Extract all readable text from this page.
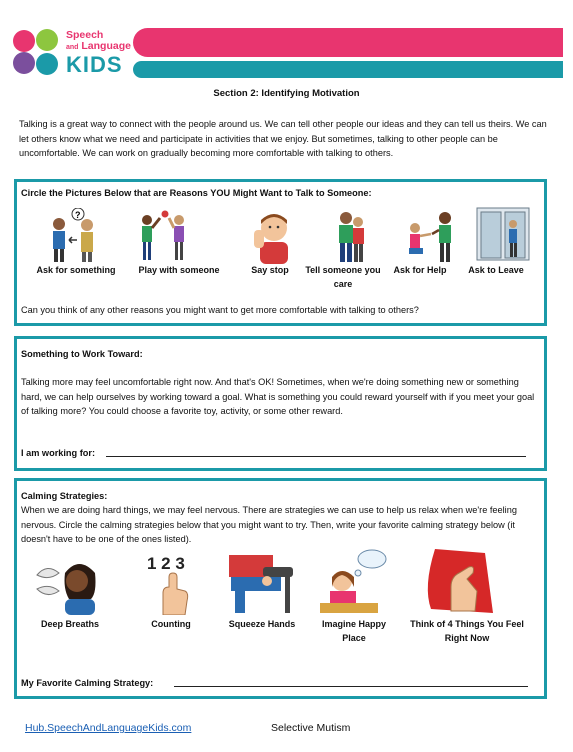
Speech
and Language
KIDS
Section 2: Identifying Motivation
Talking is a great way to connect with the people around us. We can tell other people our ideas and they can tell us theirs. We can let others know what we need and participate in activities that we enjoy. But sometimes, talking to other people can be uncomfortable. We can work on gradually becoming more comfortable with talking to others.
Circle the Pictures Below that are Reasons YOU Might Want to Talk to Someone:
?
Ask for something	Play with someone	Say stop	Tell someone you care
Ask for Help	Ask to Leave
Can you think of any other reasons you might want to get more comfortable with talking to others?
Something to Work Toward:
Talking more may feel uncomfortable right now. And that's OK! Sometimes, when we're doing something new or something hard, we can help ourselves by working toward a goal. What is something you could reward yourself with if you meet your goal of talking more? You could choose a favorite toy, activity, or some other reward.
I am working for:
Calming Strategies:
When we are doing hard things, we may feel nervous. There are strategies we can use to help us relax when we're feeling nervous. Circle the calming strategies below that you might want to try. Then, write your favorite calming strategy below (it doesn't have to be one of the ones listed).
1 2 3
Deep Breaths	Counting	Squeeze Hands	Imagine Happy Place
Think of 4 Things You Feel Right Now
My Favorite Calming Strategy:
Hub.SpeechAndLanguageKids.com	Selective Mutism
